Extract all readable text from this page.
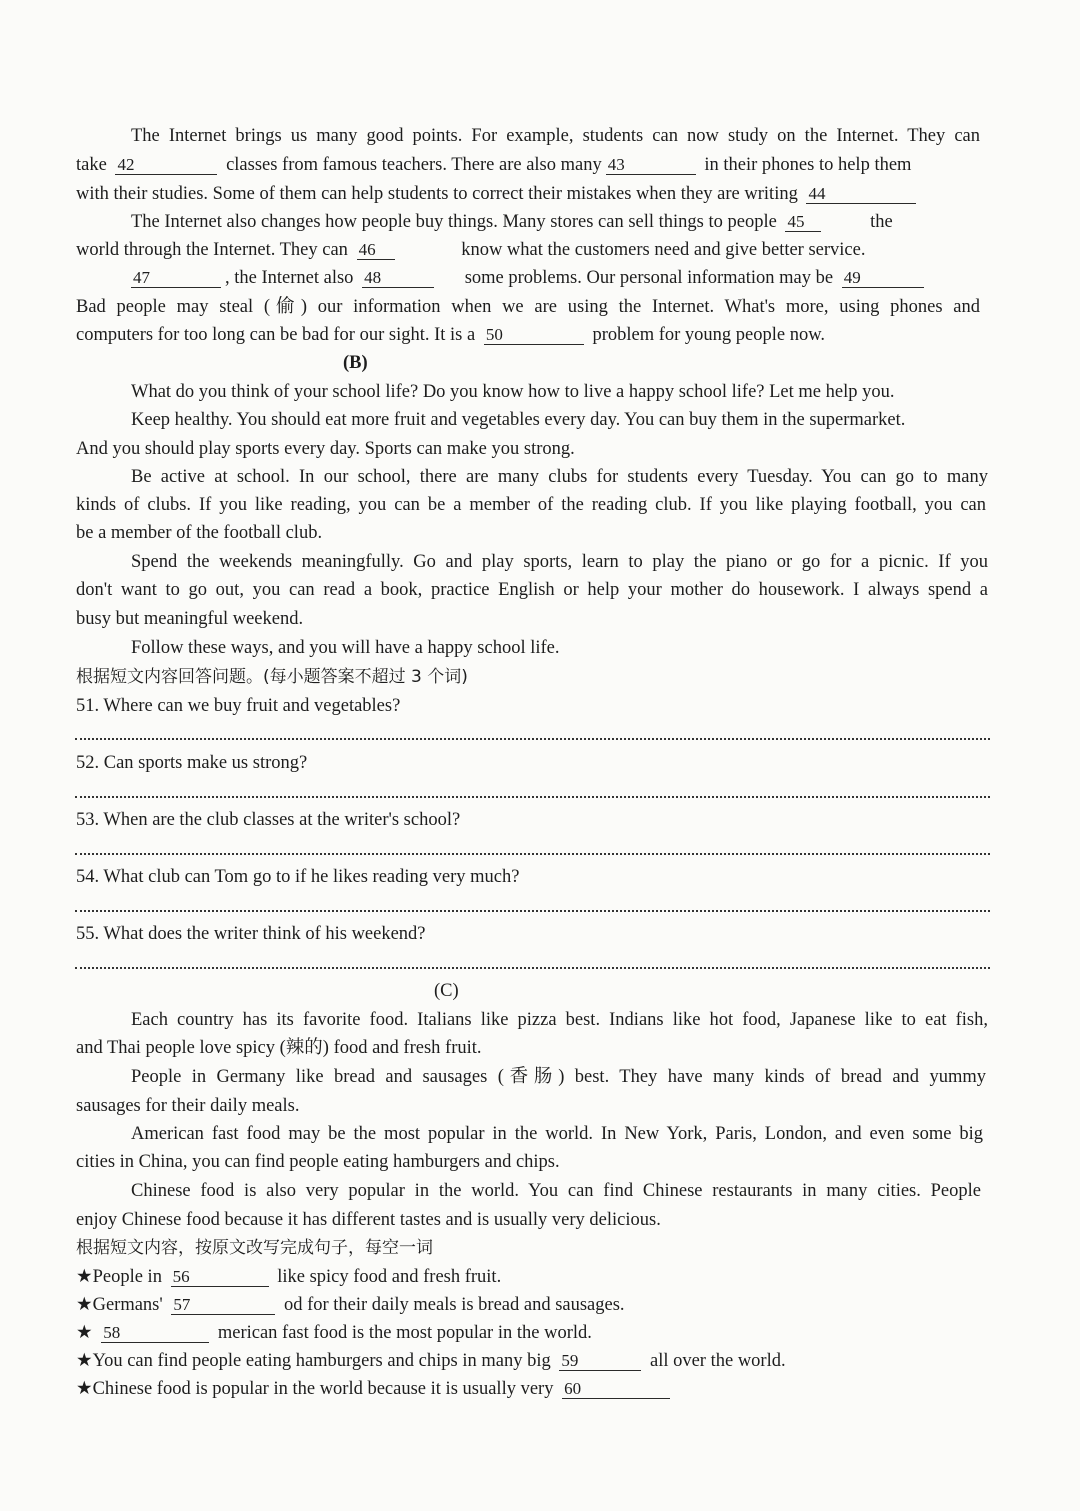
The Internet brings us many good points. For example, students can now study on the Internet. They can
take 42	classes from famous teachers. There are also many 43	in their phones to help them
with their studies. Some of them can help students to correct their mistakes when they are writing 44
The Internet also changes how people buy things. Many stores can sell things to people 45	the
world through the Internet. They can 46	know what the customers need and give better service.
47	, the Internet also 48	some problems. Our personal information may be 49
Bad people may steal (偷) our information when we are using the Internet. What's more, using phones and
computers for too long can be bad for our sight. It is a 50	problem for young people now.
(B)
What do you think of your school life? Do you know how to live a happy school life? Let me help you.
Keep healthy. You should eat more fruit and vegetables every day. You can buy them in the supermarket.
And you should play sports every day. Sports can make you strong.
Be active at school. In our school, there are many clubs for students every Tuesday. You can go to many
kinds of clubs. If you like reading, you can be a member of the reading club. If you like playing football, you can
be a member of the football club.
Spend the weekends meaningfully. Go and play sports, learn to play the piano or go for a picnic. If you
don't want to go out, you can read a book, practice English or help your mother do housework. I always spend a
busy but meaningful weekend.
Follow these ways, and you will have a happy school life.
根据短文内容回答问题。(每小题答案不超过 3 个词)
51. Where can we buy fruit and vegetables?
52. Can sports make us strong?
53. When are the club classes at the writer's school?
54. What club can Tom go to if he likes reading very much?
55. What does the writer think of his weekend?
(C)
Each country has its favorite food. Italians like pizza best. Indians like hot food, Japanese like to eat fish,
and Thai people love spicy (辣的) food and fresh fruit.
People in Germany like bread and sausages (香肠) best. They have many kinds of bread and yummy
sausages for their daily meals.
American fast food may be the most popular in the world. In New York, Paris, London, and even some big
cities in China, you can find people eating hamburgers and chips.
Chinese food is also very popular in the world. You can find Chinese restaurants in many cities. People
enjoy Chinese food because it has different tastes and is usually very delicious.
根据短文内容，按原文改写完成句子，每空一词
★People in 56	like spicy food and fresh fruit.
★Germans' 57	od for their daily meals is bread and sausages.
★ 58	merican fast food is the most popular in the world.
★You can find people eating hamburgers and chips in many big 59	all over the world.
★Chinese food is popular in the world because it is usually very 60
